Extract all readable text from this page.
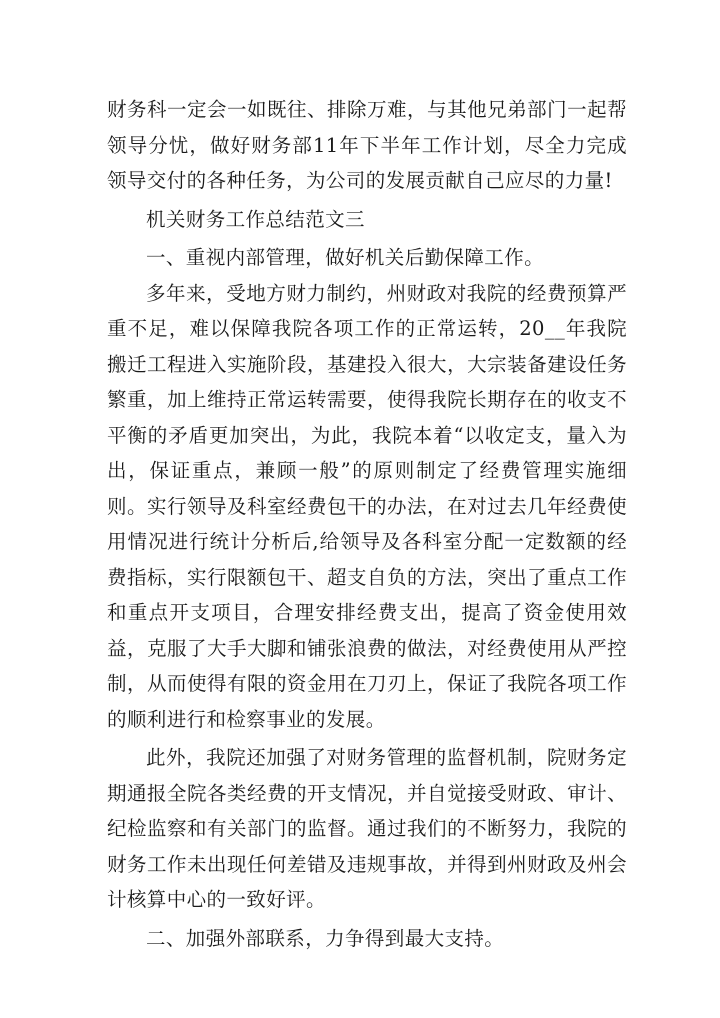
财务科一定会一如既往、排除万难，与其他兄弟部门一起帮领导分忧，做好财务部11年下半年工作计划，尽全力完成领导交付的各种任务，为公司的发展贡献自己应尽的力量!

机关财务工作总结范文三

一、重视内部管理，做好机关后勤保障工作。

多年来，受地方财力制约，州财政对我院的经费预算严重不足，难以保障我院各项工作的正常运转，20__年我院搬迁工程进入实施阶段，基建投入很大，大宗装备建设任务繁重，加上维持正常运转需要，使得我院长期存在的收支不平衡的矛盾更加突出，为此，我院本着“以收定支，量入为出，保证重点，兼顾一般”的原则制定了经费管理实施细则。实行领导及科室经费包干的办法，在对过去几年经费使用情况进行统计分析后,给领导及各科室分配一定数额的经费指标，实行限额包干、超支自负的方法，突出了重点工作和重点开支项目，合理安排经费支出，提高了资金使用效益，克服了大手大脚和铺张浪费的做法，对经费使用从严控制，从而使得有限的资金用在刀刃上，保证了我院各项工作的顺利进行和检察事业的发展。

此外，我院还加强了对财务管理的监督机制，院财务定期通报全院各类经费的开支情况，并自觉接受财政、审计、纪检监察和有关部门的监督。通过我们的不断努力，我院的财务工作未出现任何差错及违规事故，并得到州财政及州会计核算中心的一致好评。

二、加强外部联系，力争得到最大支持。
